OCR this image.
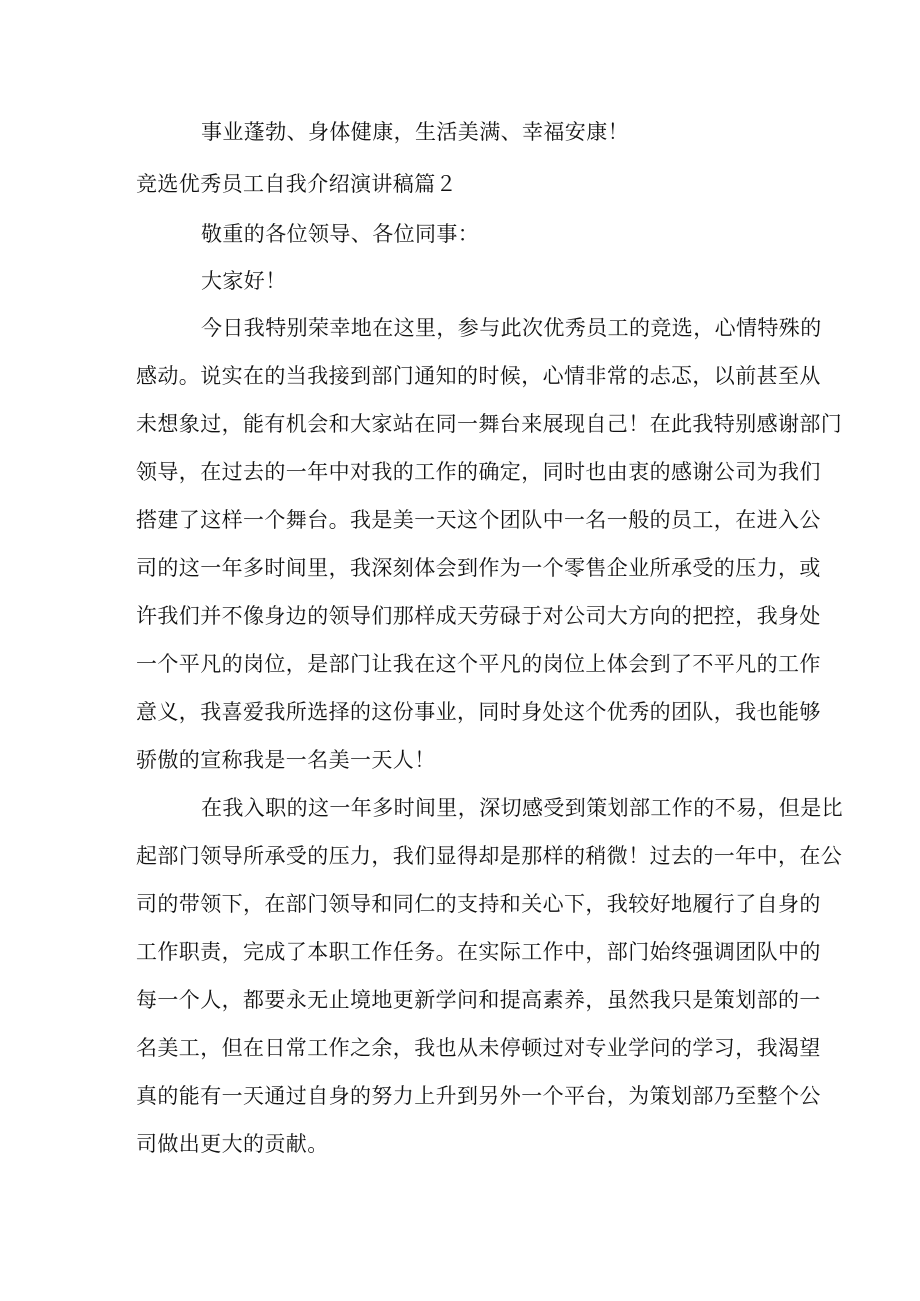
事业蓬勃、身体健康，生活美满、幸福安康！
竞选优秀员工自我介绍演讲稿篇２
敬重的各位领导、各位同事：
大家好！
今日我特别荣幸地在这里，参与此次优秀员工的竞选，心情特殊的
感动。说实在的当我接到部门通知的时候，心情非常的忐忑，以前甚至从
未想象过，能有机会和大家站在同一舞台来展现自己！在此我特别感谢部门
领导，在过去的一年中对我的工作的确定，同时也由衷的感谢公司为我们
搭建了这样一个舞台。我是美一天这个团队中一名一般的员工，在进入公
司的这一年多时间里，我深刻体会到作为一个零售企业所承受的压力，或
许我们并不像身边的领导们那样成天劳碌于对公司大方向的把控，我身处
一个平凡的岗位，是部门让我在这个平凡的岗位上体会到了不平凡的工作
意义，我喜爱我所选择的这份事业，同时身处这个优秀的团队，我也能够
骄傲的宣称我是一名美一天人！
在我入职的这一年多时间里，深切感受到策划部工作的不易，但是比
起部门领导所承受的压力，我们显得却是那样的稍微！过去的一年中，在公
司的带领下，在部门领导和同仁的支持和关心下，我较好地履行了自身的
工作职责，完成了本职工作任务。在实际工作中，部门始终强调团队中的
每一个人，都要永无止境地更新学问和提高素养，虽然我只是策划部的一
名美工，但在日常工作之余，我也从未停顿过对专业学问的学习，我渴望
真的能有一天通过自身的努力上升到另外一个平台，为策划部乃至整个公
司做出更大的贡献。
